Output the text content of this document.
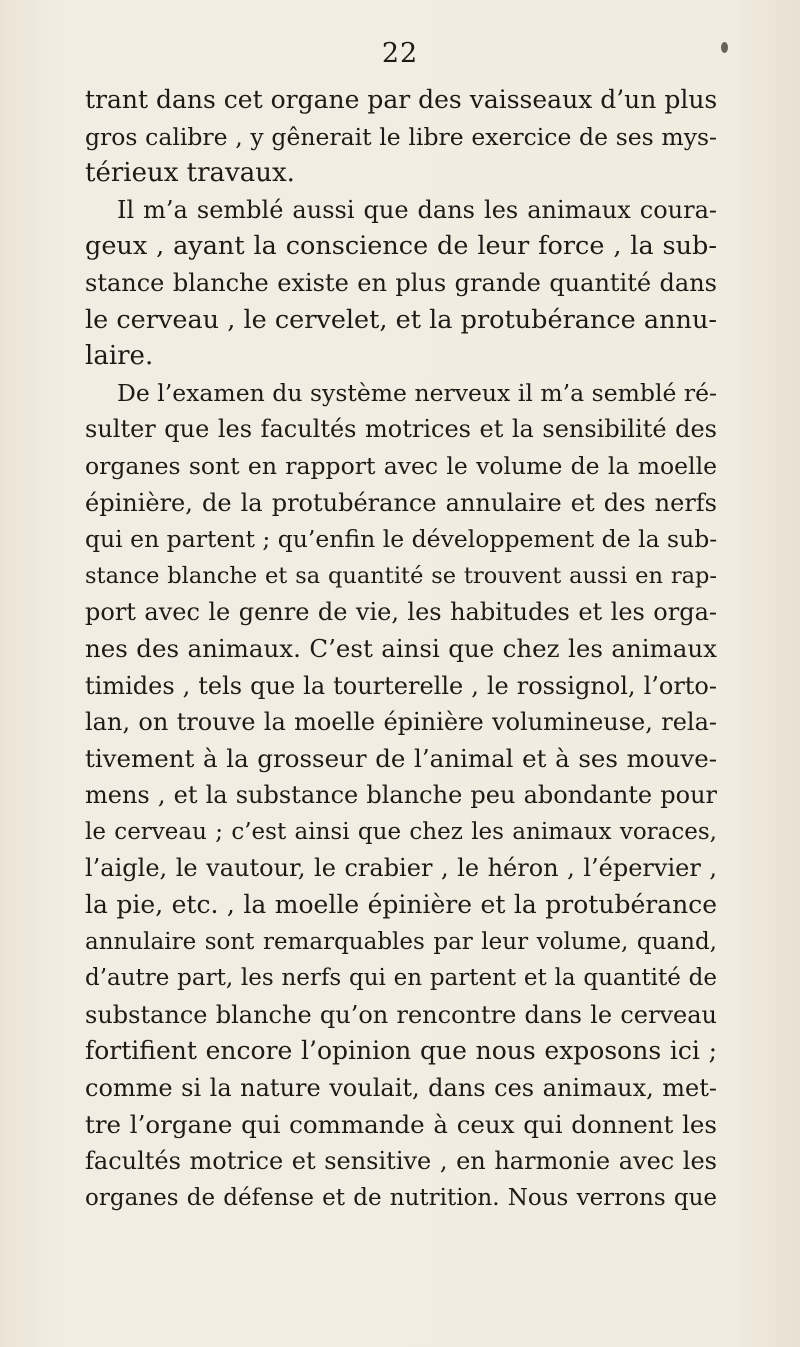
22
trant dans cet organe par des vaisseaux d’un plus
gros calibre , y gênerait le libre exercice de ses mys-
térieux travaux.
Il m’a semblé aussi que dans les animaux coura-
geux , ayant la conscience de leur force , la sub-
stance blanche existe en plus grande quantité dans
le cerveau , le cervelet, et la protubérance annu-
laire.
De l’examen du système nerveux il m’a semblé ré-
sulter que les facultés motrices et la sensibilité des
organes sont en rapport avec le volume de la moelle
épinière, de la protubérance annulaire et des nerfs
qui en partent ; qu’enfin le développement de la sub-
stance blanche et sa quantité se trouvent aussi en rap-
port avec le genre de vie, les habitudes et les orga-
nes des animaux. C’est ainsi que chez les animaux
timides , tels que la tourterelle , le rossignol, l’orto-
lan, on trouve la moelle épinière volumineuse, rela-
tivement à la grosseur de l’animal et à ses mouve-
mens , et la substance blanche peu abondante pour
le cerveau ; c’est ainsi que chez les animaux voraces,
l’aigle, le vautour, le crabier , le héron , l’épervier ,
la pie, etc. , la moelle épinière et la protubérance
annulaire sont remarquables par leur volume, quand,
d’autre part, les nerfs qui en partent et la quantité de
substance blanche qu’on rencontre dans le cerveau
fortifient encore l’opinion que nous exposons ici ;
comme si la nature voulait, dans ces animaux, met-
tre l’organe qui commande à ceux qui donnent les
facultés motrice et sensitive , en harmonie avec les
organes de défense et de nutrition. Nous verrons que
